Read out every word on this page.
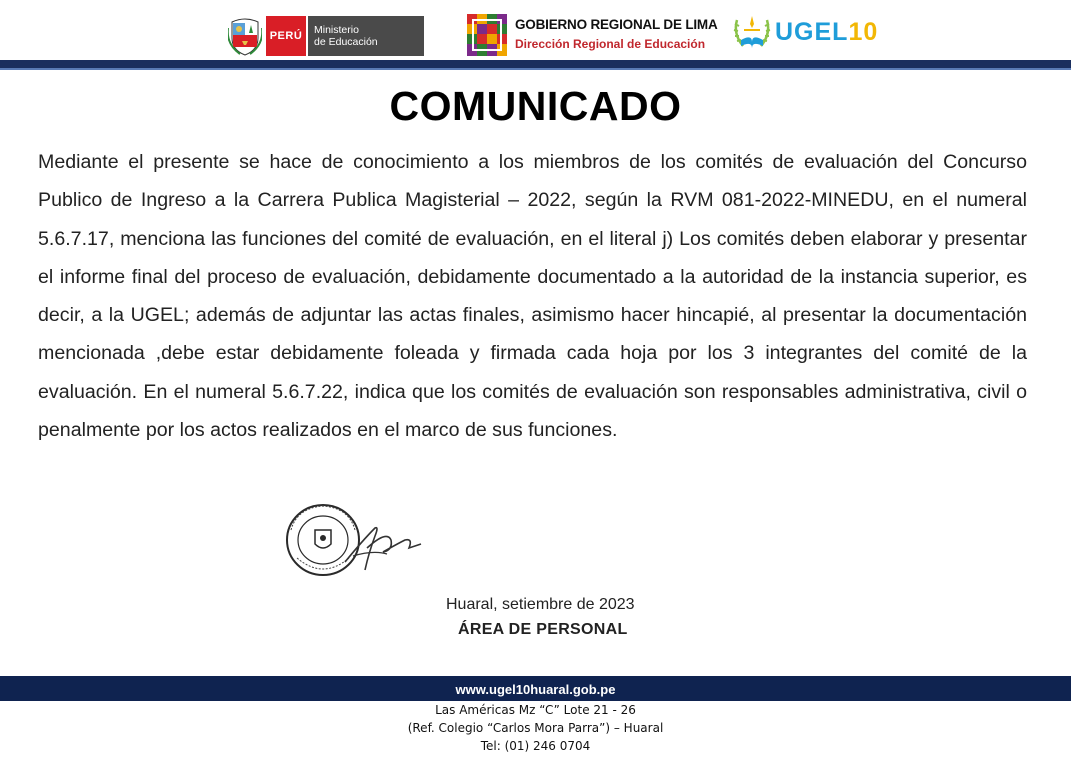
PERÚ	Ministerio
de Educación
GOBIERNO REGIONAL DE LIMA
Dirección Regional de Educación	UGEL10
COMUNICADO
Mediante el presente se hace de conocimiento a los miembros de los comités de evaluación del Concurso Publico de Ingreso a la Carrera Publica Magisterial – 2022, según la RVM 081-2022-MINEDU, en el numeral 5.6.7.17, menciona las funciones del comité de evaluación, en el literal j) Los comités deben elaborar y presentar el informe final del proceso de evaluación, debidamente documentado a la autoridad de la instancia superior, es decir, a la UGEL; además de adjuntar las actas finales, asimismo hacer hincapié, al presentar la documentación mencionada ,debe estar debidamente foleada y firmada cada hoja por los 3 integrantes del comité de la evaluación. En el numeral 5.6.7.22, indica que los comités de evaluación son responsables administrativa, civil o penalmente por los actos realizados en el marco de sus funciones.
Huaral, setiembre de 2023
ÁREA DE PERSONAL
www.ugel10huaral.gob.pe
Las Américas Mz “C” Lote 21 - 26
(Ref. Colegio “Carlos Mora Parra”) – Huaral
Tel: (01) 246 0704
